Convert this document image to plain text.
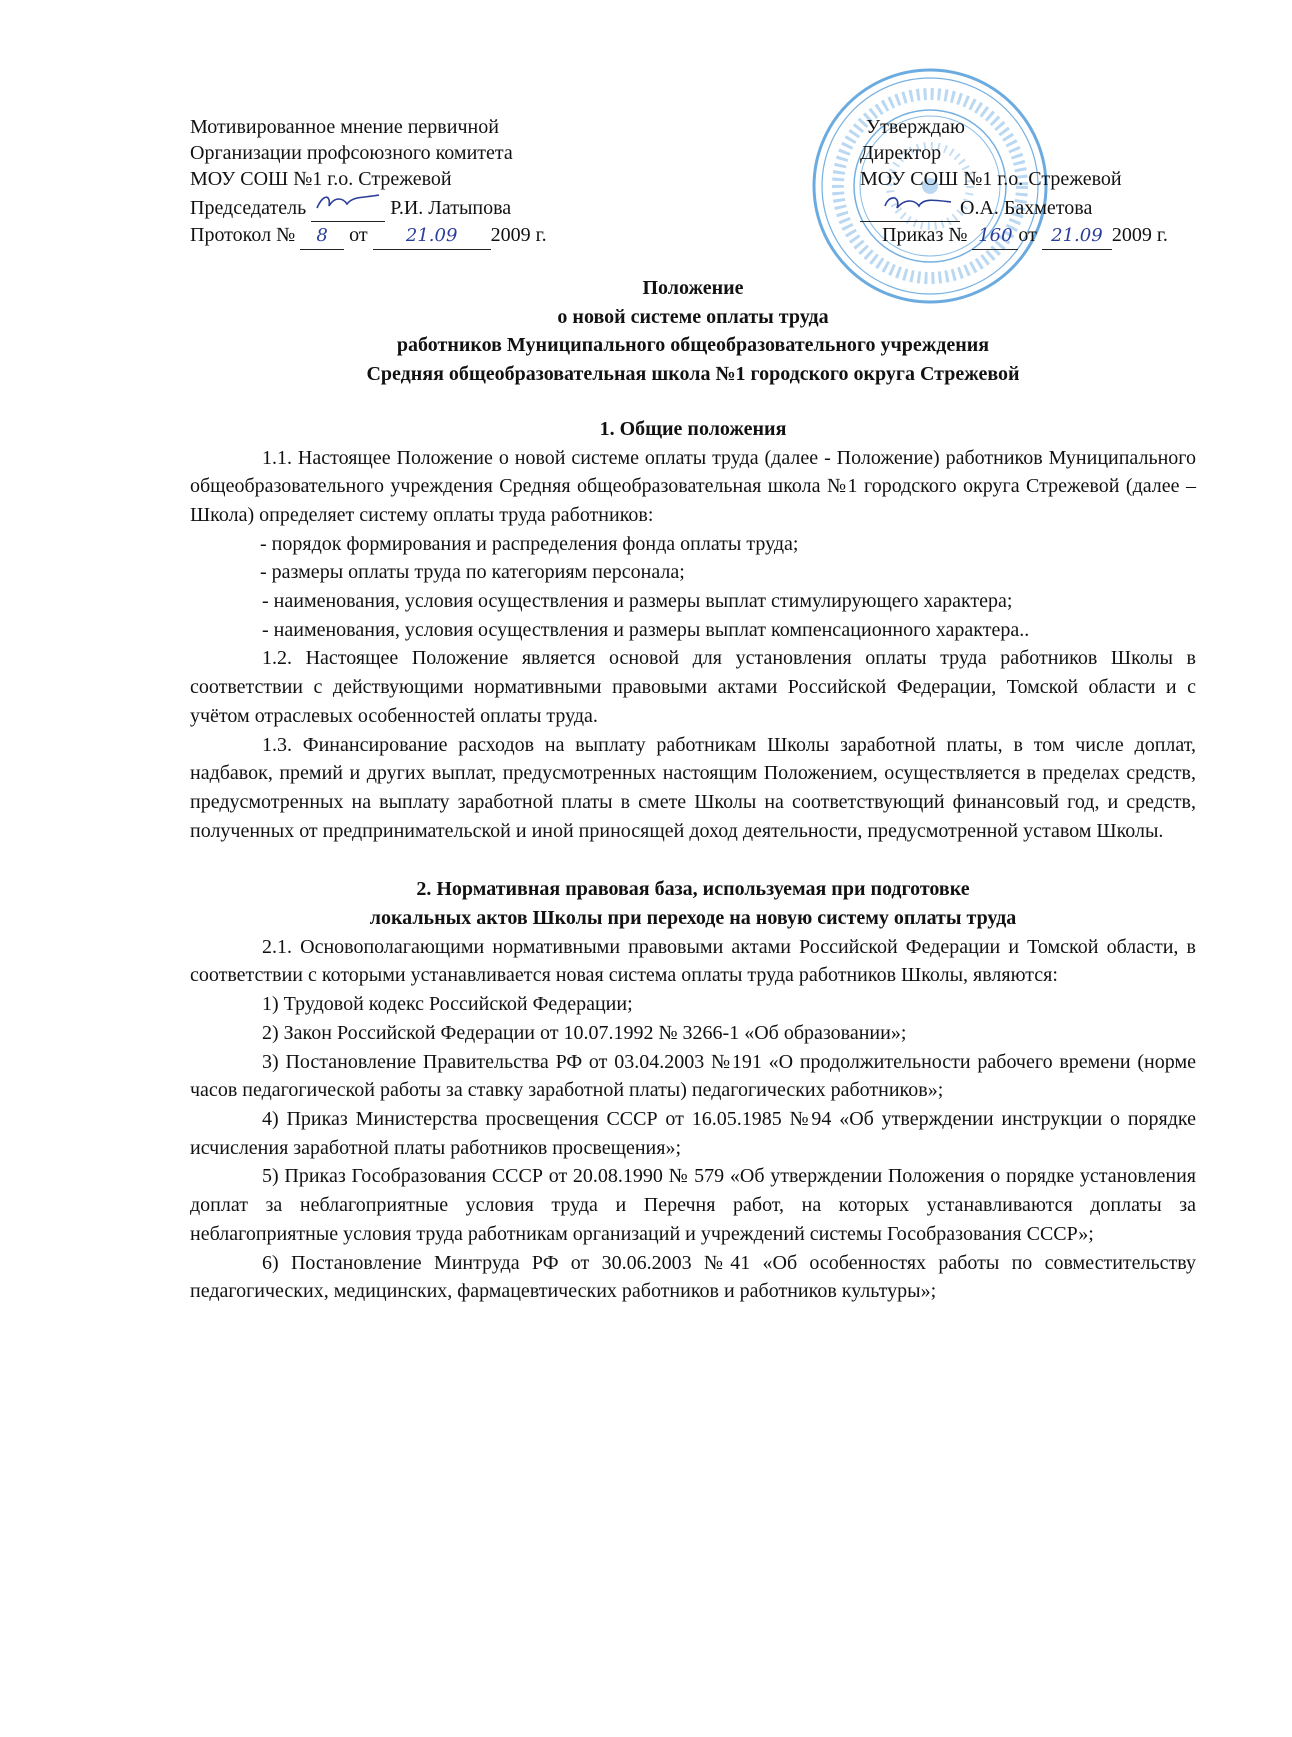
Мотивированное мнение первичной
Организации профсоюзного комитета
МОУ СОШ №1 г.о. Стрежевой
Председатель	Р.И. Латыпова
Протокол № 8 от 21.09 2009 г.
Утверждаю
Директор
МОУ СОШ №1 г.о. Стрежевой
О.А. Бахметова
Приказ № 160 от 21.09 2009 г.
Положение
о новой системе оплаты труда
работников Муниципального общеобразовательного учреждения
Средняя общеобразовательная школа №1 городского округа Стрежевой
1. Общие положения
1.1. Настоящее Положение о новой системе оплаты труда (далее - Положение) работников Муниципального общеобразовательного учреждения Средняя общеобразовательная школа №1 городского округа Стрежевой (далее – Школа) определяет систему оплаты труда работников:
- порядок формирования и распределения фонда оплаты труда;
- размеры оплаты труда по категориям персонала;
- наименования, условия осуществления и размеры выплат стимулирующего характера;
- наименования, условия осуществления и размеры выплат компенсационного характера..
1.2. Настоящее Положение является основой для установления оплаты труда работников Школы в соответствии с действующими нормативными правовыми актами Российской Федерации, Томской области и с учётом отраслевых особенностей оплаты труда.
1.3. Финансирование расходов на выплату работникам Школы заработной платы, в том числе доплат, надбавок, премий и других выплат, предусмотренных настоящим Положением, осуществляется в пределах средств, предусмотренных на выплату заработной платы в смете Школы на соответствующий финансовый год, и средств, полученных от предпринимательской и иной приносящей доход деятельности, предусмотренной уставом Школы.
2. Нормативная правовая база, используемая при подготовке
локальных актов Школы при переходе на новую систему оплаты труда
2.1. Основополагающими нормативными правовыми актами Российской Федерации и Томской области, в соответствии с которыми устанавливается новая система оплаты труда работников Школы, являются:
1) Трудовой кодекс Российской Федерации;
2) Закон Российской Федерации от 10.07.1992 № 3266-1 «Об образовании»;
3) Постановление Правительства РФ от 03.04.2003 №191 «О продолжительности рабочего времени (норме часов педагогической работы за ставку заработной платы) педагогических работников»;
4) Приказ Министерства просвещения СССР от 16.05.1985 №94 «Об утверждении инструкции о порядке исчисления заработной платы работников просвещения»;
5) Приказ Гособразования СССР от 20.08.1990 № 579 «Об утверждении Положения о порядке установления доплат за неблагоприятные условия труда и Перечня работ, на которых устанавливаются доплаты за неблагоприятные условия труда работникам организаций и учреждений системы Гособразования СССР»;
6) Постановление Минтруда РФ от 30.06.2003 №41 «Об особенностях работы по совместительству педагогических, медицинских, фармацевтических работников и работников культуры»;
